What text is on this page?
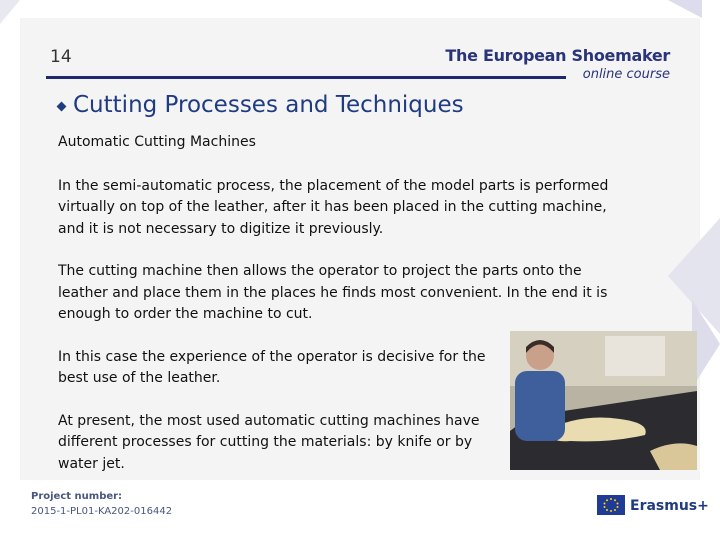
14	The European Shoemaker
online course
Cutting Processes and Techniques

Automatic Cutting Machines

In the semi-automatic process, the placement of the model parts is performed virtually on top of the leather, after it has been placed in the cutting machine, and it is not necessary to digitize it previously.

The cutting machine then allows the operator to project the parts onto the leather and place them in the places he finds most convenient. In the end it is enough to order the machine to cut.

In this case the experience of the operator is decisive for the best use of the leather.

At present, the most used automatic cutting machines have different processes for cutting the materials: by knife or by water jet.

Project number:
2015-1-PL01-KA202-016442	Erasmus+
